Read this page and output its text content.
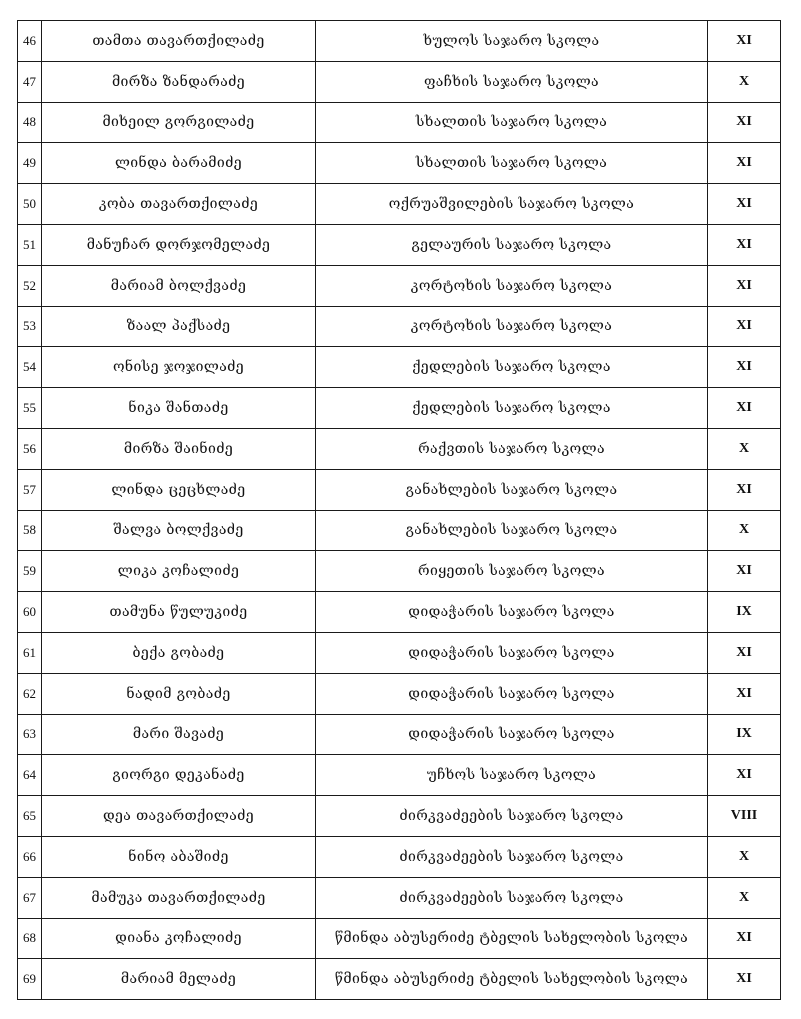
46	თამთა თავართქილაძე	ხულოს საჯარო სკოლა	XI
47	მირზა ზანდარაძე	ფაჩხის საჯარო სკოლა	X
48	მიხეილ გორგილაძე	სხალთის საჯარო სკოლა	XI
49	ლინდა ბარამიძე	სხალთის საჯარო სკოლა	XI
50	კობა თავართქილაძე	ოქრუაშვილების საჯარო სკოლა	XI
51	მანუჩარ დორჯომელაძე	გელაურის საჯარო სკოლა	XI
52	მარიამ ბოლქვაძე	კორტოხის საჯარო სკოლა	XI
53	ზაალ პაქსაძე	კორტოხის საჯარო სკოლა	XI
54	ონისე ჯოჯილაძე	ქედლების საჯარო სკოლა	XI
55	ნიკა შანთაძე	ქედლების საჯარო სკოლა	XI
56	მირზა შაინიძე	რაქვთის საჯარო სკოლა	X
57	ლინდა ცეცხლაძე	განახლების საჯარო სკოლა	XI
58	შალვა ბოლქვაძე	განახლების საჯარო სკოლა	X
59	ლიკა კოჩალიძე	რიყეთის საჯარო სკოლა	XI
60	თამუნა წულუკიძე	დიდაჭარის საჯარო სკოლა	IX
61	ბექა გობაძე	დიდაჭარის საჯარო სკოლა	XI
62	ნადიმ გობაძე	დიდაჭარის საჯარო სკოლა	XI
63	მარი შავაძე	დიდაჭარის საჯარო სკოლა	IX
64	გიორგი დეკანაძე	უჩხოს საჯარო სკოლა	XI
65	დეა თავართქილაძე	ძირკვაძეების საჯარო სკოლა	VIII
66	ნინო აბაშიძე	ძირკვაძეების საჯარო სკოლა	X
67	მამუკა თავართქილაძე	ძირკვაძეების საჯარო სკოლა	X
68	დიანა კოჩალიძე	წმინდა აბუსერიძე ტბელის სახელობის სკოლა	XI
69	მარიამ მელაძე	წმინდა აბუსერიძე ტბელის სახელობის სკოლა	XI
